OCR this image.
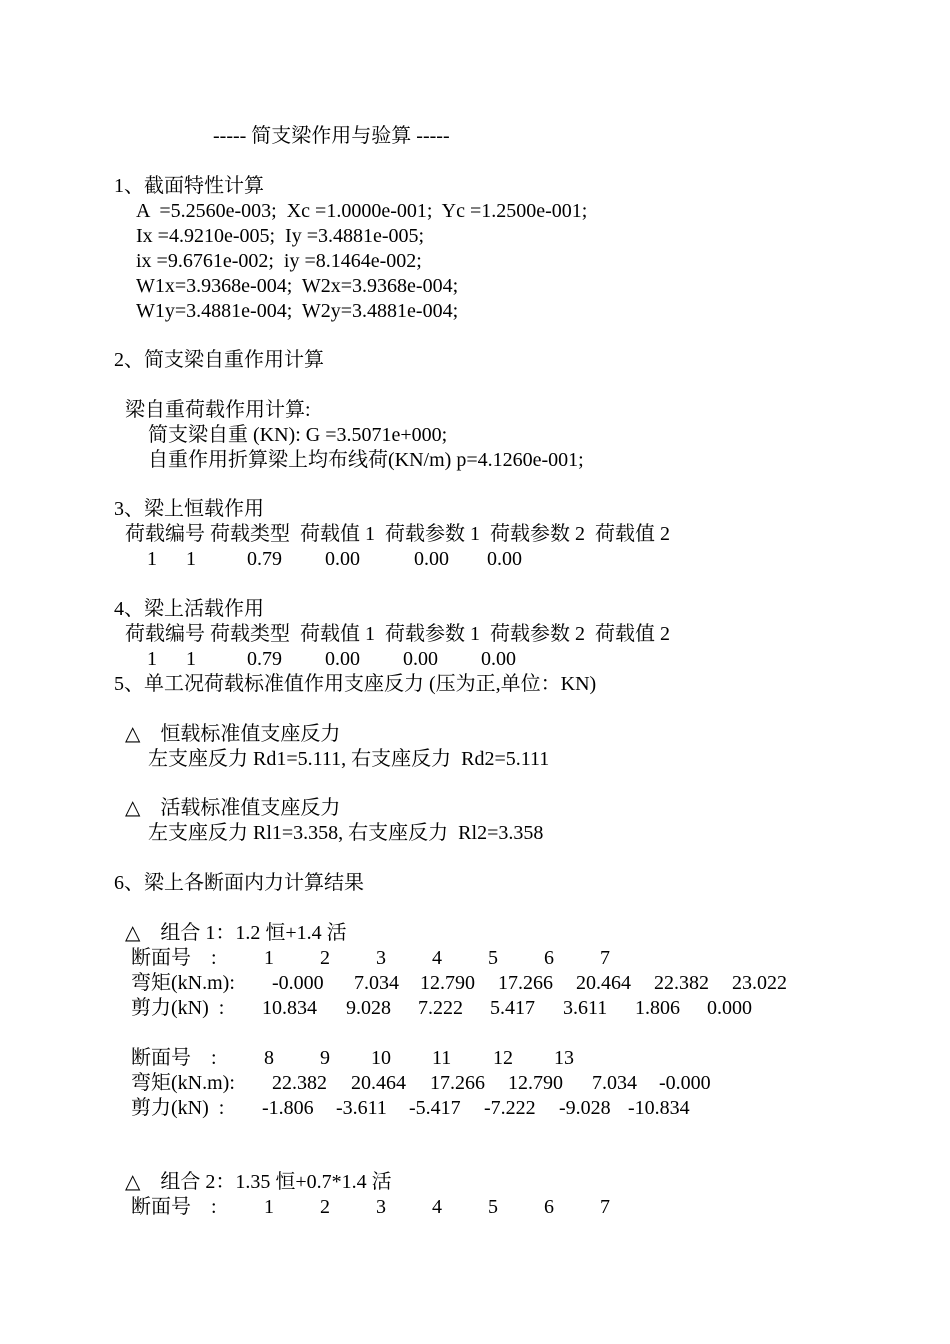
----- 简支梁作用与验算 -----
1、截面特性计算
A  =5.2560e-003;  Xc =1.0000e-001;  Yc =1.2500e-001;
Ix =4.9210e-005;  Iy =3.4881e-005;
ix =9.6761e-002;  iy =8.1464e-002;
W1x=3.9368e-004;  W2x=3.9368e-004;
W1y=3.4881e-004;  W2y=3.4881e-004;
2、简支梁自重作用计算
梁自重荷载作用计算:
简支梁自重 (KN): G =3.5071e+000;
自重作用折算梁上均布线荷(KN/m) p=4.1260e-001;
3、梁上恒载作用
荷载编号 荷载类型  荷载值 1  荷载参数 1  荷载参数 2  荷载值 2
1 1	0.79 0.00	0.00 0.00
4、梁上活载作用
荷载编号 荷载类型  荷载值 1  荷载参数 1  荷载参数 2  荷载值 2
1 1	0.79 0.00 0.00 0.00
5、单工况荷载标准值作用支座反力 (压为正,单位：KN)
△    恒载标准值支座反力
左支座反力 Rd1=5.111, 右支座反力  Rd2=5.111
△    活载标准值支座反力
左支座反力 Rl1=3.358, 右支座反力  Rl2=3.358
6、梁上各断面内力计算结果
△    组合 1：1.2 恒+1.4 活
断面号    : 1 2 3 4 5 6 7
弯矩(kN.m): -0.000 7.034 12.790 17.266 20.464 22.382 23.022
剪力(kN)  : 10.834 9.028 7.222 5.417 3.611 1.806 0.000
断面号    : 8 9 10 11 12 13
弯矩(kN.m): 22.382 20.464 17.266 12.790 7.034 -0.000
剪力(kN)  : -1.806 -3.611 -5.417 -7.222 -9.028 -10.834
△    组合 2：1.35 恒+0.7*1.4 活
断面号    : 1 2 3 4 5 6 7
